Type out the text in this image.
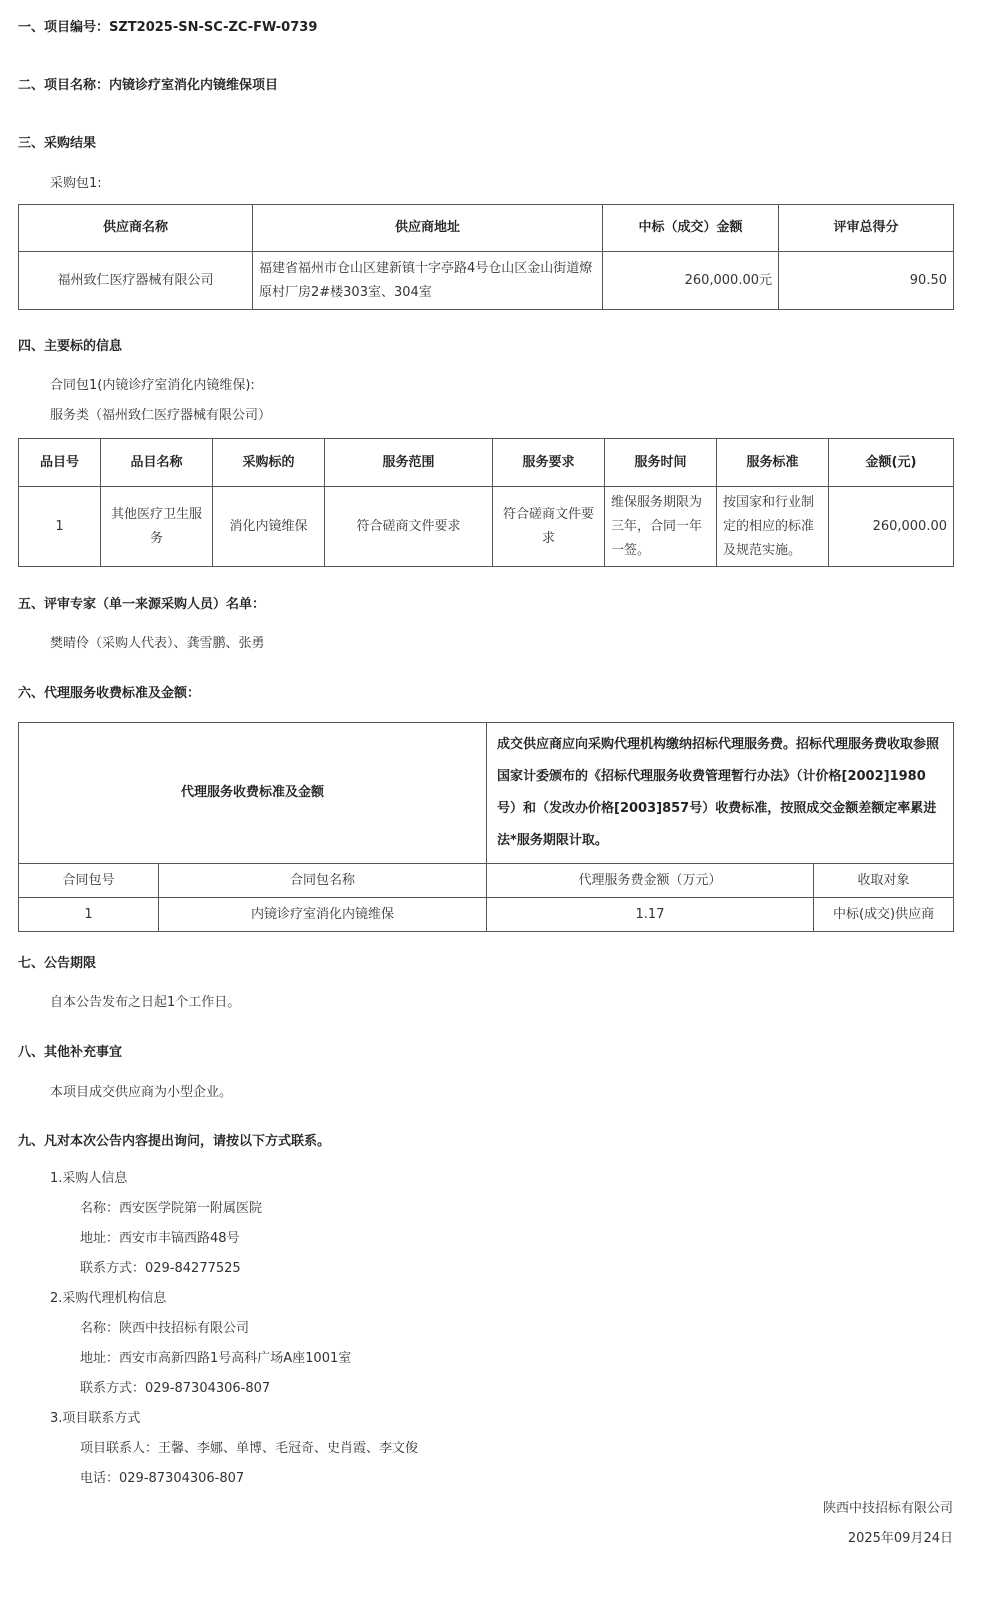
一、项目编号：SZT2025-SN-SC-ZC-FW-0739
二、项目名称：内镜诊疗室消化内镜维保项目
三、采购结果
采购包1:
供应商名称	供应商地址	中标（成交）金额	评审总得分
福州致仁医疗器械有限公司	福建省福州市仓山区建新镇十字亭路4号仓山区金山街道燎原村厂房2#楼303室、304室	260,000.00元	90.50
四、主要标的信息
合同包1(内镜诊疗室消化内镜维保):
服务类（福州致仁医疗器械有限公司）
品目号	品目名称	采购标的	服务范围	服务要求	服务时间	服务标准	金额(元)
1	其他医疗卫生服务	消化内镜维保	符合磋商文件要求	符合磋商文件要求	维保服务期限为三年，合同一年一签。	按国家和行业制定的相应的标准及规范实施。	260,000.00
五、评审专家（单一来源采购人员）名单：
樊晴伶（采购人代表）、龚雪鹏、张勇
六、代理服务收费标准及金额：
代理服务收费标准及金额		成交供应商应向采购代理机构缴纳招标代理服务费。招标代理服务费收取参照国家计委颁布的《招标代理服务收费管理暂行办法》（计价格[2002]1980号）和（发改办价格[2003]857号）收费标准，按照成交金额差额定率累进法*服务期限计取。	
合同包号	合同包名称	代理服务费金额（万元）	收取对象
1	内镜诊疗室消化内镜维保	1.17	中标(成交)供应商
七、公告期限
自本公告发布之日起1个工作日。
八、其他补充事宜
本项目成交供应商为小型企业。
九、凡对本次公告内容提出询问，请按以下方式联系。
1.采购人信息
名称：西安医学院第一附属医院
地址：西安市丰镐西路48号
联系方式：029-84277525
2.采购代理机构信息
名称：陕西中技招标有限公司
地址：西安市高新四路1号高科广场A座1001室
联系方式：029-87304306-807
3.项目联系方式
项目联系人：王馨、李娜、单博、毛冠奇、史肖霞、李文俊
电话：029-87304306-807
陕西中技招标有限公司
2025年09月24日
